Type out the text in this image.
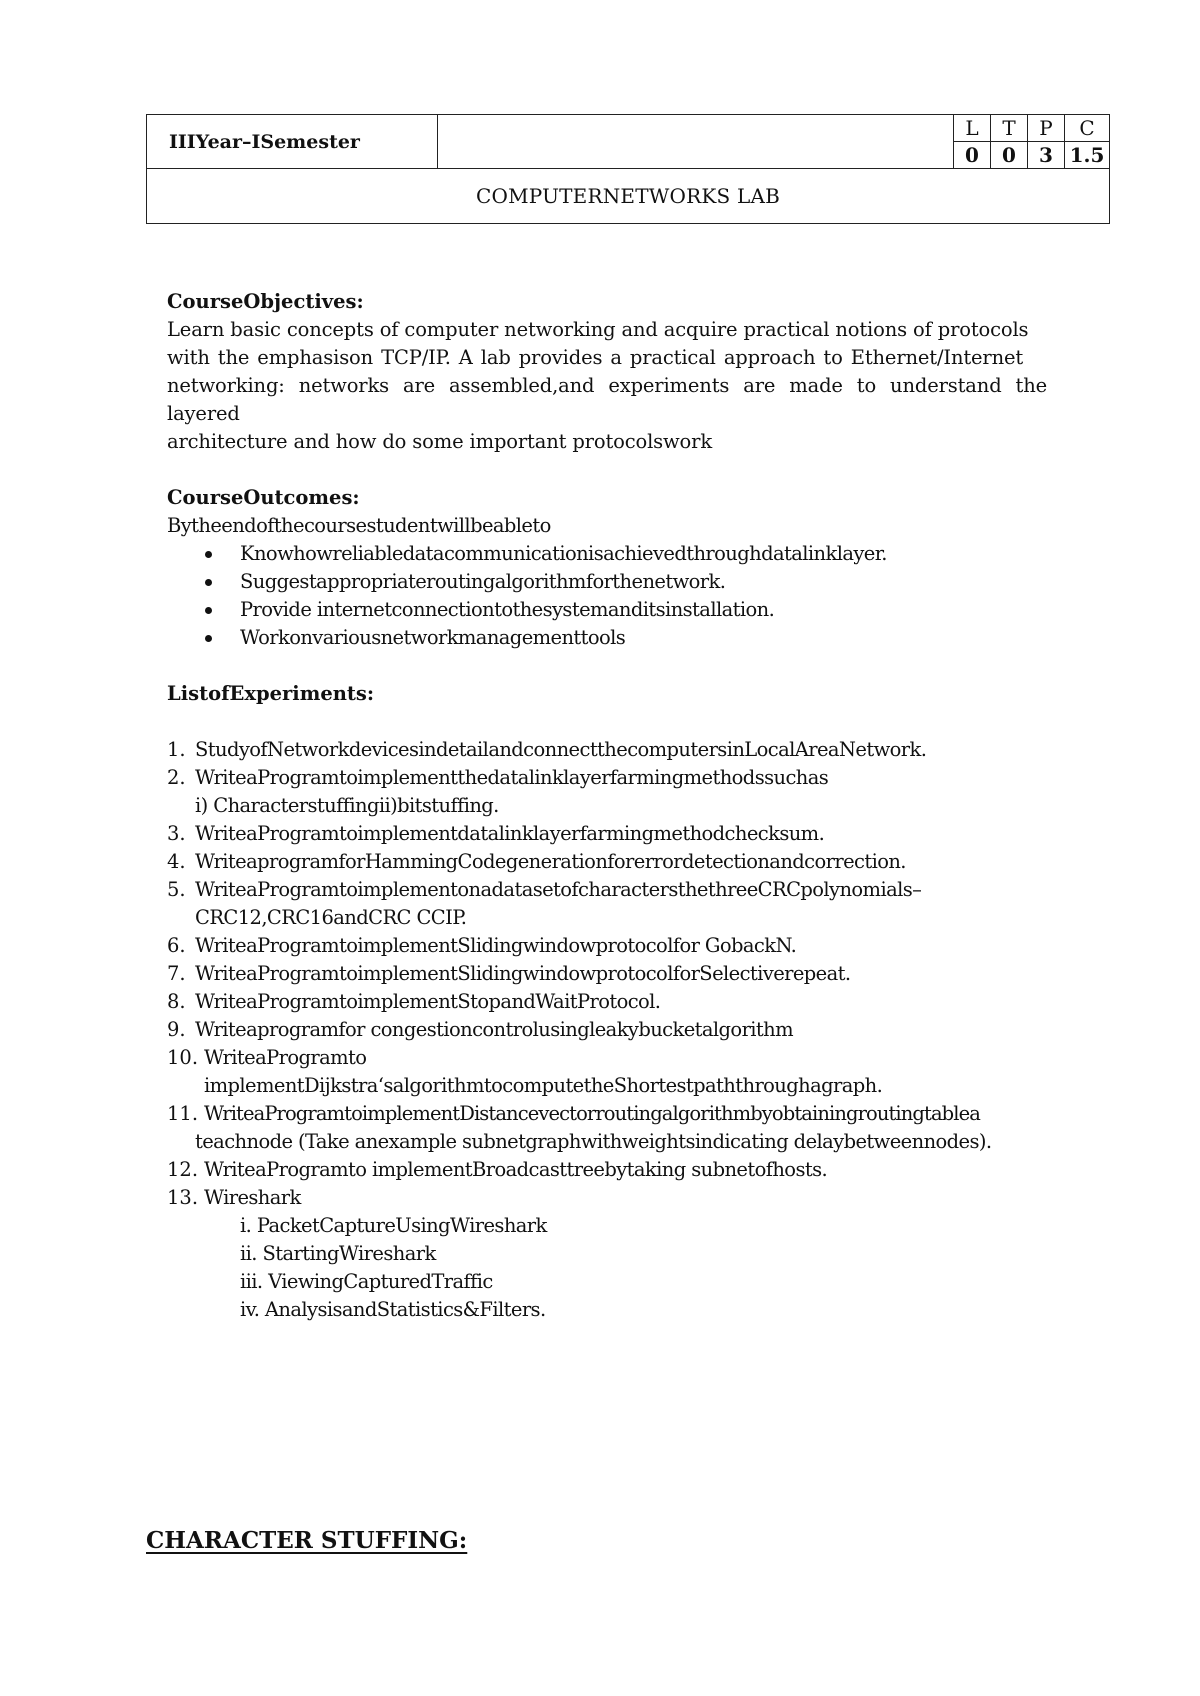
IIIYear–ISemester		L	T	P	C
		0	0	3	1.5
COMPUTERNETWORKS LAB					
CourseObjectives:
Learn basic concepts of computer networking and acquire practical notions of protocols
with the emphasison TCP/IP. A lab provides a practical approach to Ethernet/Internet
networking: networks are assembled,and experiments are made to understand the layered
architecture and how do some important protocolswork
CourseOutcomes:
Bytheendofthecoursestudentwillbeableto
Knowhowreliabledatacommunicationisachievedthroughdatalinklayer.
Suggestappropriateroutingalgorithmforthenetwork.
Provide internetconnectiontothesystemanditsinstallation.
Workonvariousnetworkmanagementtools
ListofExperiments:
1. StudyofNetworkdevicesindetailandconnectthecomputersinLocalAreaNetwork.
2. WriteaProgramtoimplementthedatalinklayerfarmingmethodssuchas
i) Characterstuffingii)bitstuffing.
3. WriteaProgramtoimplementdatalinklayerfarmingmethodchecksum.
4. WriteaprogramforHammingCodegenerationforerrordetectionandcorrection.
5. WriteaProgramtoimplementonadatasetofcharactersthethreeCRCpolynomials–
CRC12,CRC16andCRC CCIP.
6. WriteaProgramtoimplementSlidingwindowprotocolfor GobackN.
7. WriteaProgramtoimplementSlidingwindowprotocolforSelectiverepeat.
8. WriteaProgramtoimplementStopandWaitProtocol.
9. Writeaprogramfor congestioncontrolusingleakybucketalgorithm
10. WriteaProgramto
implementDijkstra‘salgorithmtocomputetheShortestpaththroughagraph.
11. WriteaProgramtoimplementDistancevectorroutingalgorithmbyobtainingroutingtablea
teachnode (Take anexample subnetgraphwithweightsindicating delaybetweennodes).
12. WriteaProgramto implementBroadcasttreebytaking subnetofhosts.
13. Wireshark
i. PacketCaptureUsingWireshark
ii. StartingWireshark
iii. ViewingCapturedTraffic
iv. AnalysisandStatistics&Filters.
CHARACTER STUFFING:
